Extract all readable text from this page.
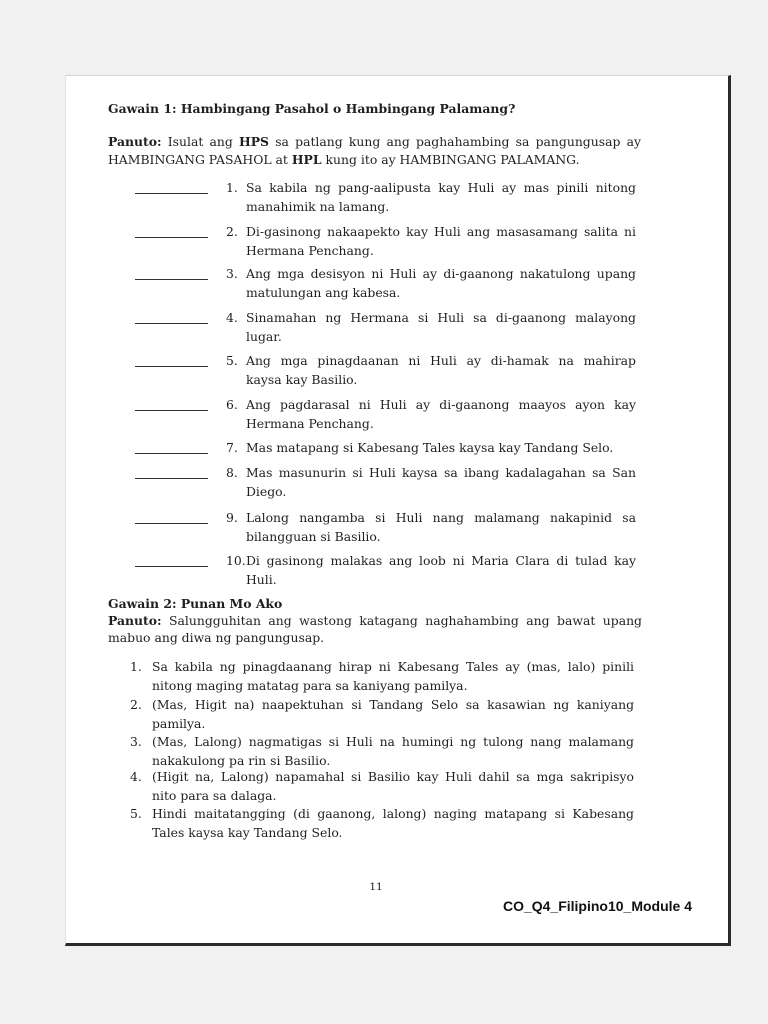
Gawain 1: Hambingang Pasahol o Hambingang Palamang?

Panuto: Isulat ang HPS sa patlang kung ang paghahambing sa pangungusap ay HAMBINGANG PASAHOL at HPL kung ito ay HAMBINGANG PALAMANG.

1. Sa kabila ng pang-aalipusta kay Huli ay mas pinili nitong
manahimik na lamang.
2. Di-gasinong nakaapekto kay Huli ang masasamang salita ni
Hermana Penchang.
3. Ang mga desisyon ni Huli ay di-gaanong nakatulong upang
matulungan ang kabesa.
4. Sinamahan ng Hermana si Huli sa di-gaanong malayong
lugar.
5. Ang mga pinagdaanan ni Huli ay di-hamak na mahirap
kaysa kay Basilio.
6. Ang pagdarasal ni Huli ay di-gaanong maayos ayon kay
Hermana Penchang.
7. Mas matapang si Kabesang Tales kaysa kay Tandang Selo.
8. Mas masunurin si Huli kaysa sa ibang kadalagahan sa San
Diego.
9. Lalong nangamba si Huli nang malamang nakapinid sa
bilangguan si Basilio.
10. Di gasinong malakas ang loob ni Maria Clara di tulad kay
Huli.
Gawain 2: Punan Mo Ako

Panuto: Salungguhitan ang wastong katagang naghahambing ang bawat upang mabuo ang diwa ng pangungusap.

1. Sa kabila ng pinagdaanang hirap ni Kabesang Tales ay (mas, lalo) pinili
nitong maging matatag para sa kaniyang pamilya.
2. (Mas, Higit na) naapektuhan si Tandang Selo sa kasawian ng kaniyang
pamilya.
3. (Mas, Lalong) nagmatigas si Huli na humingi ng tulong nang malamang
nakakulong pa rin si Basilio.
4. (Higit na, Lalong) napamahal si Basilio kay Huli dahil sa mga sakripisyo
nito para sa dalaga.
5. Hindi maitatangging (di gaanong, lalong) naging matapang si Kabesang
Tales kaysa kay Tandang Selo.
11
CO_Q4_Filipino10_Module 4
